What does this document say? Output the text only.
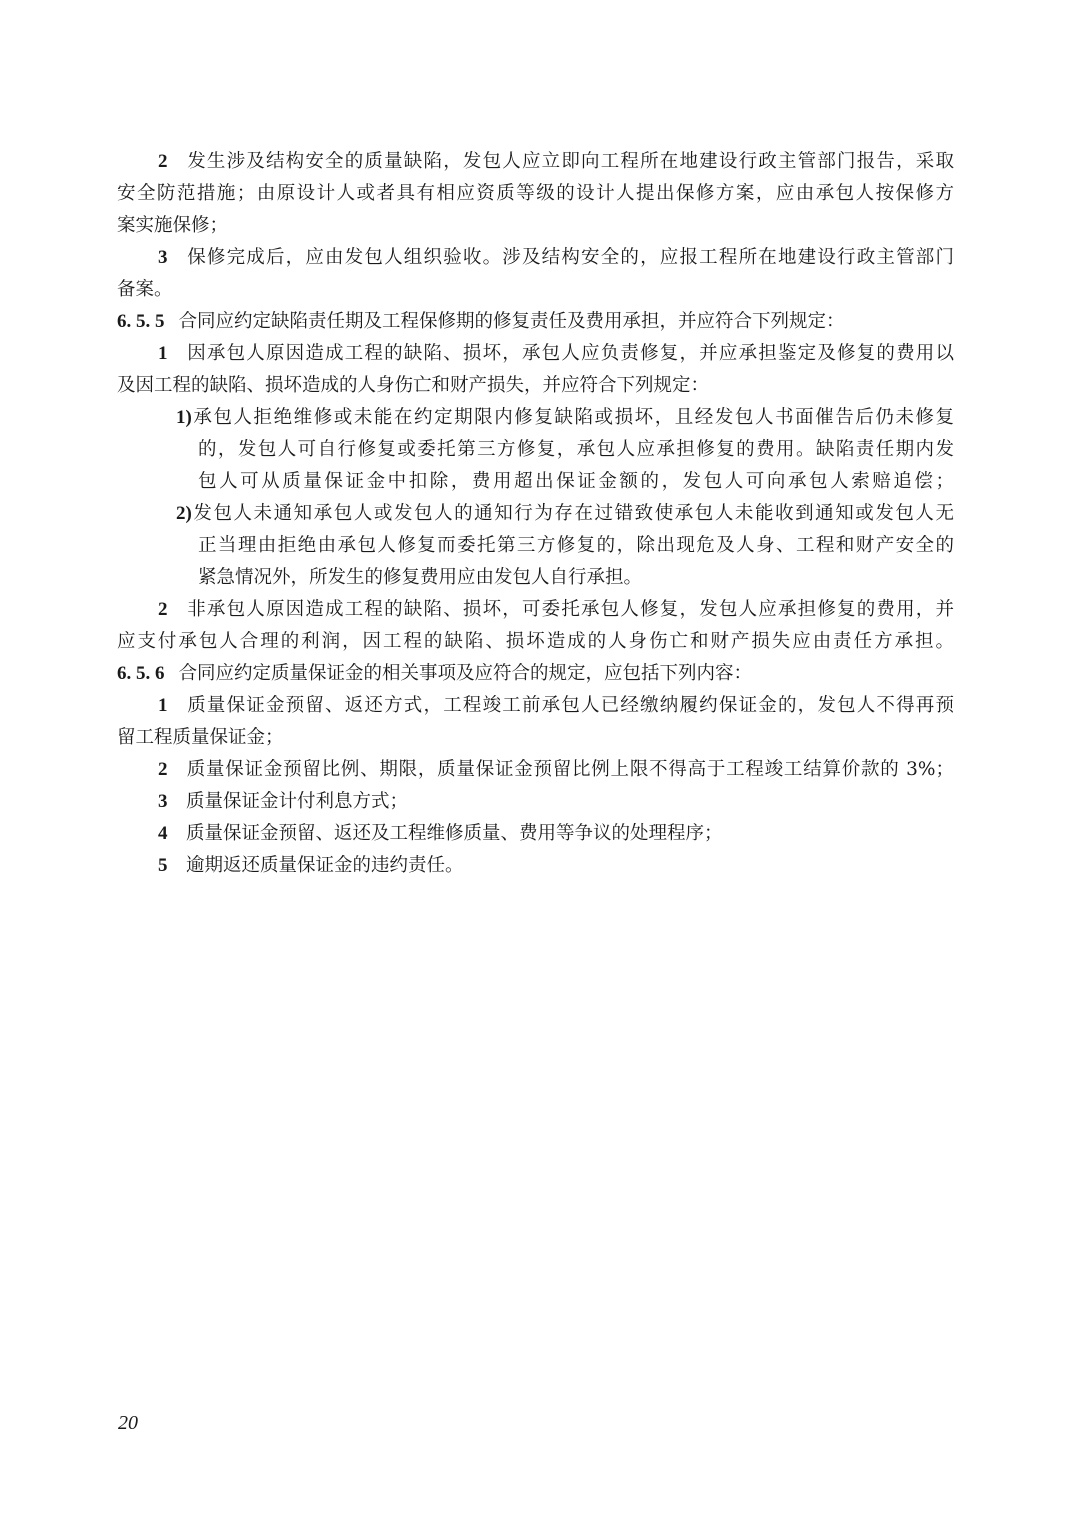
2  发生涉及结构安全的质量缺陷，发包人应立即向工程所在地建设行政主管部门报告，采取
安全防范措施；由原设计人或者具有相应资质等级的设计人提出保修方案，应由承包人按保修方
案实施保修；
3  保修完成后，应由发包人组织验收。涉及结构安全的，应报工程所在地建设行政主管部门
备案。
6. 5. 5 合同应约定缺陷责任期及工程保修期的修复责任及费用承担，并应符合下列规定：
1  因承包人原因造成工程的缺陷、损坏，承包人应负责修复，并应承担鉴定及修复的费用以
及因工程的缺陷、损坏造成的人身伤亡和财产损失，并应符合下列规定：
1)承包人拒绝维修或未能在约定期限内修复缺陷或损坏，且经发包人书面催告后仍未修复
的，发包人可自行修复或委托第三方修复，承包人应承担修复的费用。缺陷责任期内发
包人可从质量保证金中扣除，费用超出保证金额的，发包人可向承包人索赔追偿；
2)发包人未通知承包人或发包人的通知行为存在过错致使承包人未能收到通知或发包人无
正当理由拒绝由承包人修复而委托第三方修复的，除出现危及人身、工程和财产安全的
紧急情况外，所发生的修复费用应由发包人自行承担。
2  非承包人原因造成工程的缺陷、损坏，可委托承包人修复，发包人应承担修复的费用，并
应支付承包人合理的利润，因工程的缺陷、损坏造成的人身伤亡和财产损失应由责任方承担。
6. 5. 6 合同应约定质量保证金的相关事项及应符合的规定，应包括下列内容：
1  质量保证金预留、返还方式，工程竣工前承包人已经缴纳履约保证金的，发包人不得再预
留工程质量保证金；
2  质量保证金预留比例、期限，质量保证金预留比例上限不得高于工程竣工结算价款的 3%；
3  质量保证金计付利息方式；
4  质量保证金预留、返还及工程维修质量、费用等争议的处理程序；
5  逾期返还质量保证金的违约责任。
20
